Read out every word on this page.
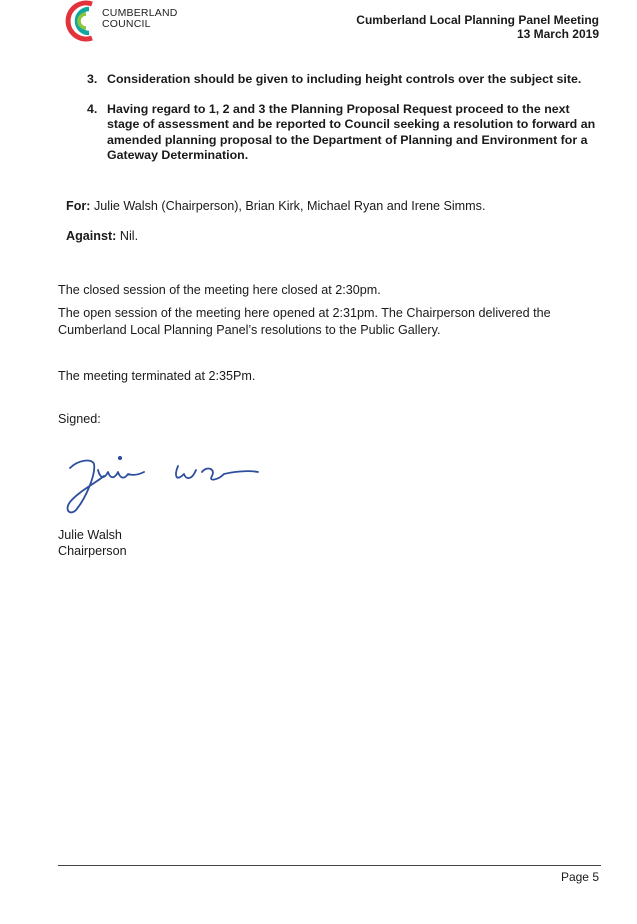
CUMBERLAND
COUNCIL	Cumberland Local Planning Panel Meeting
13 March 2019
3. Consideration should be given to including height controls over the subject site.
4. Having regard to 1, 2 and 3 the Planning Proposal Request proceed to the next stage of assessment and be reported to Council seeking a resolution to forward an amended planning proposal to the Department of Planning and Environment for a Gateway Determination.
For: Julie Walsh (Chairperson), Brian Kirk, Michael Ryan and Irene Simms.
Against: Nil.
The closed session of the meeting here closed at 2:30pm.
The open session of the meeting here opened at 2:31pm. The Chairperson delivered the Cumberland Local Planning Panel’s resolutions to the Public Gallery.
The meeting terminated at 2:35Pm.
Signed:
Julie Walsh
Chairperson
Page 5
